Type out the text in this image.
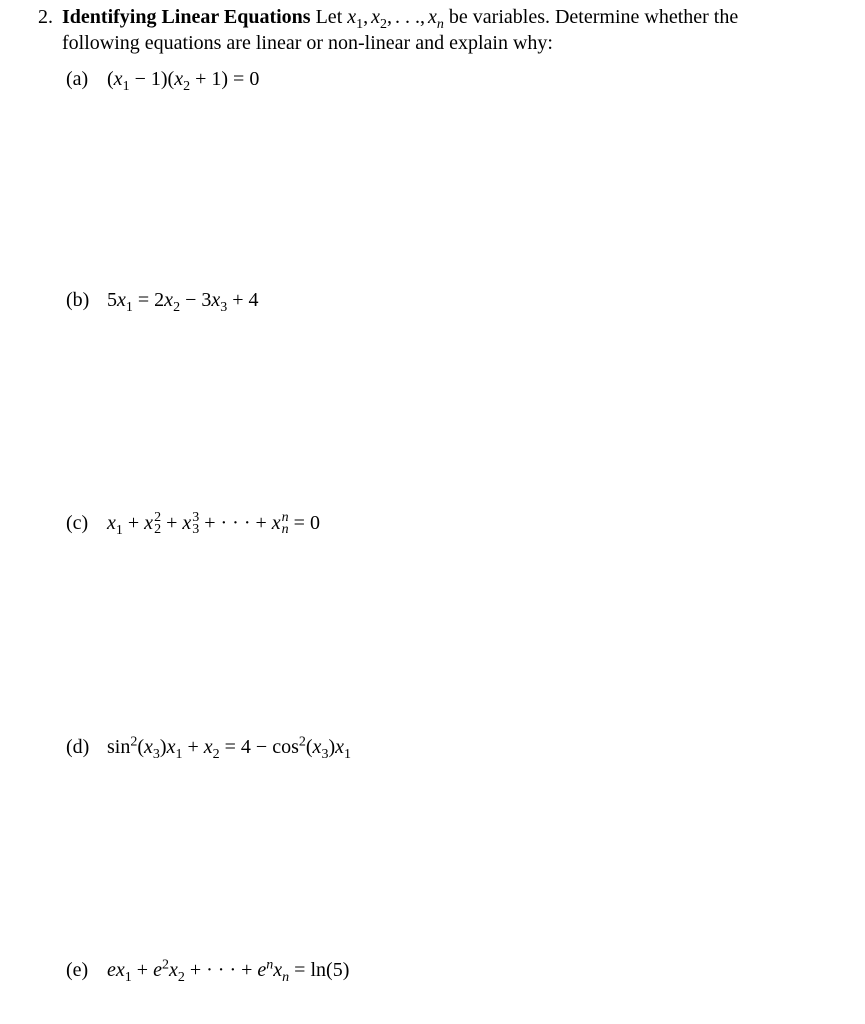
2. Identifying Linear Equations Let $x_1$, $x_2$, . . ., $x_n$ be variables. Determine whether the
following equations are linear or non-linear and explain why:
(a) $(x_1 - 1)(x_2 + 1) = 0$
(b) $5x_1 = 2x_2 - 3x_3 + 4$
(c) $x_1 + x$ 2
2 + x 3
3 + · · · + x n
n = 0
(d) $\sin^2(x_3)x_1 + x_2 = 4 - \cos^2(x_3)x_1$
(e) $ex_1 + e^2x_2$ + · · · + $e^nx_n = \ln(5)$
